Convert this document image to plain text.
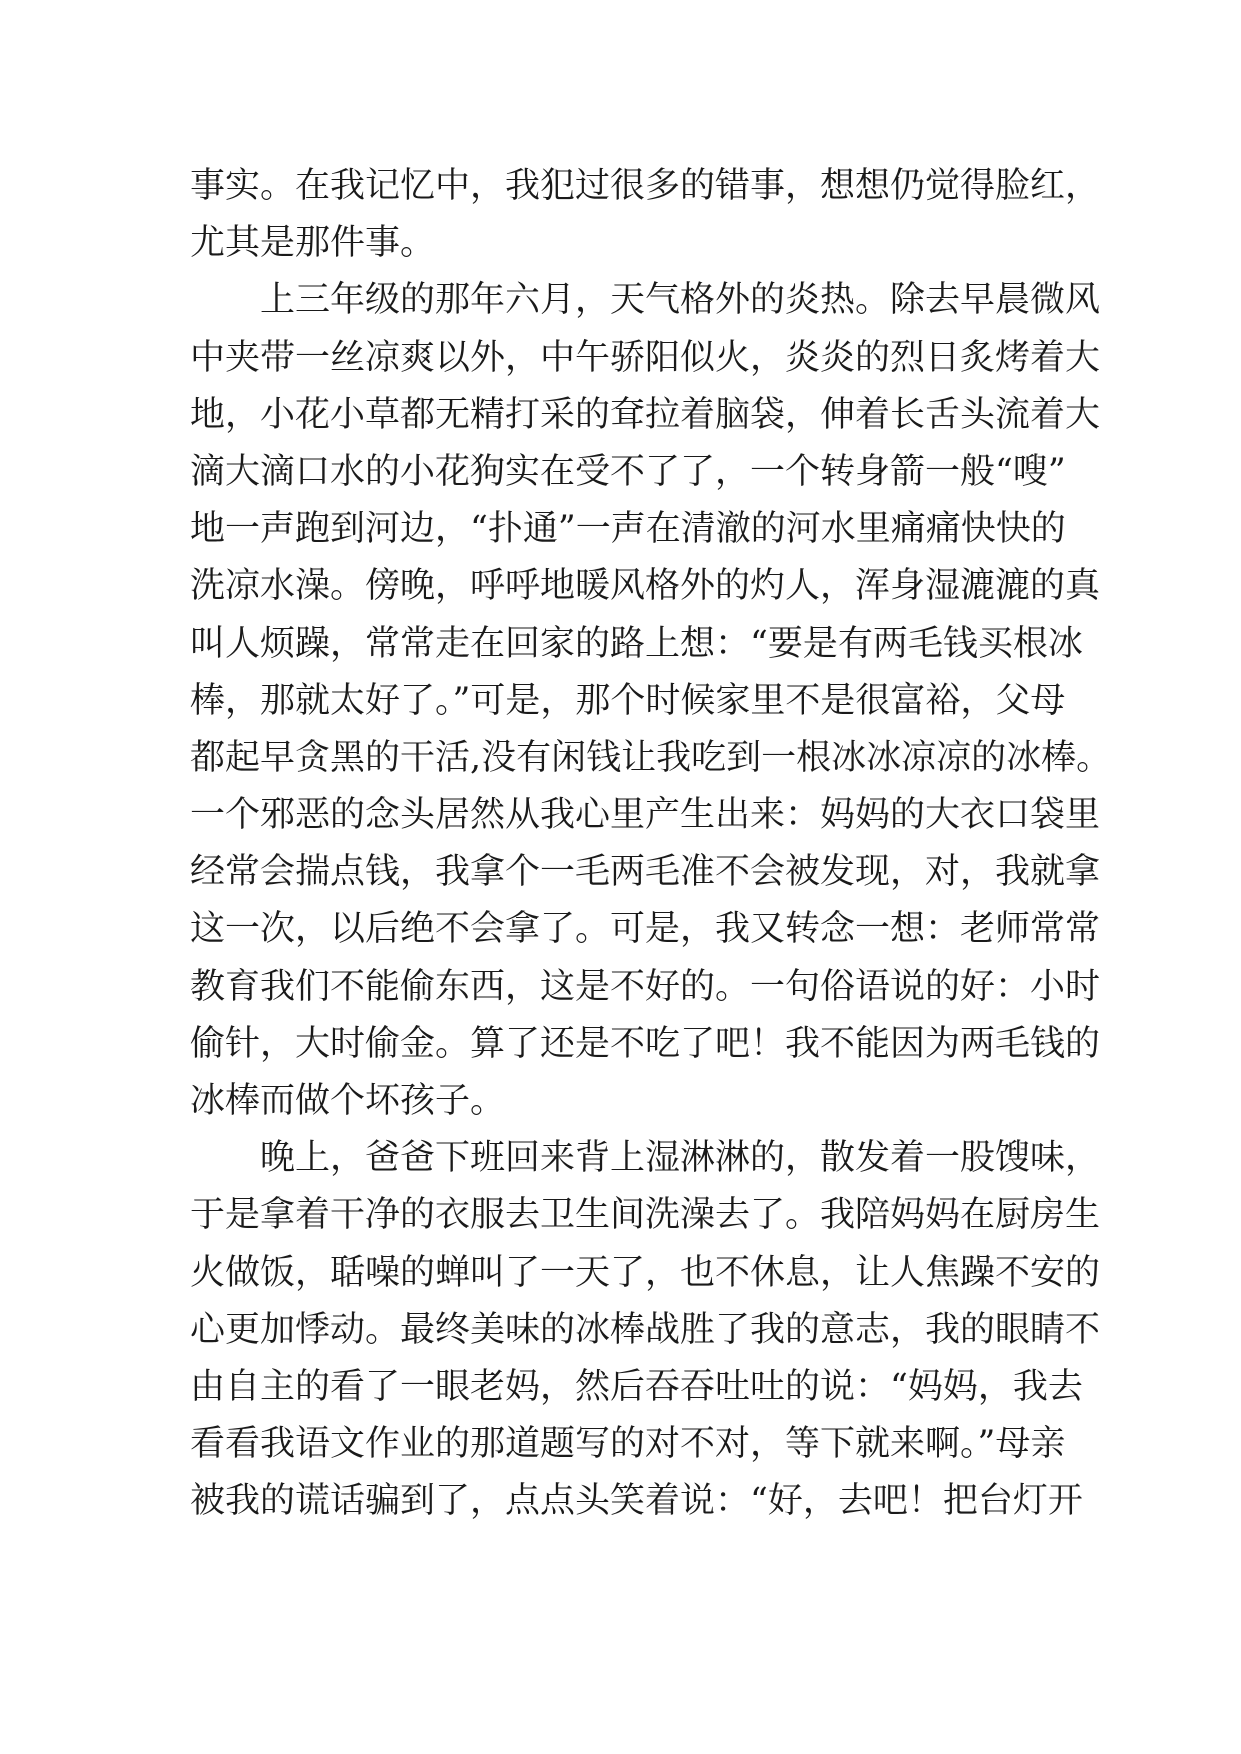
事实。在我记忆中，我犯过很多的错事，想想仍觉得脸红，
尤其是那件事。
上三年级的那年六月，天气格外的炎热。除去早晨微风
中夹带一丝凉爽以外，中午骄阳似火，炎炎的烈日炙烤着大
地，小花小草都无精打采的耷拉着脑袋，伸着长舌头流着大
滴大滴口水的小花狗实在受不了了，一个转身箭一般“嗖”
地一声跑到河边，“扑通”一声在清澈的河水里痛痛快快的
洗凉水澡。傍晚，呼呼地暖风格外的灼人，浑身湿漉漉的真
叫人烦躁，常常走在回家的路上想：“要是有两毛钱买根冰
棒，那就太好了。”可是，那个时候家里不是很富裕，父母
都起早贪黑的干活,没有闲钱让我吃到一根冰冰凉凉的冰棒。
一个邪恶的念头居然从我心里产生出来：妈妈的大衣口袋里
经常会揣点钱，我拿个一毛两毛准不会被发现，对，我就拿
这一次，以后绝不会拿了。可是，我又转念一想：老师常常
教育我们不能偷东西，这是不好的。一句俗语说的好：小时
偷针，大时偷金。算了还是不吃了吧！我不能因为两毛钱的
冰棒而做个坏孩子。
晚上，爸爸下班回来背上湿淋淋的，散发着一股馊味，
于是拿着干净的衣服去卫生间洗澡去了。我陪妈妈在厨房生
火做饭，聒噪的蝉叫了一天了，也不休息，让人焦躁不安的
心更加悸动。最终美味的冰棒战胜了我的意志，我的眼睛不
由自主的看了一眼老妈，然后吞吞吐吐的说：“妈妈，我去
看看我语文作业的那道题写的对不对，等下就来啊。”母亲
被我的谎话骗到了，点点头笑着说：“好，去吧！把台灯开
